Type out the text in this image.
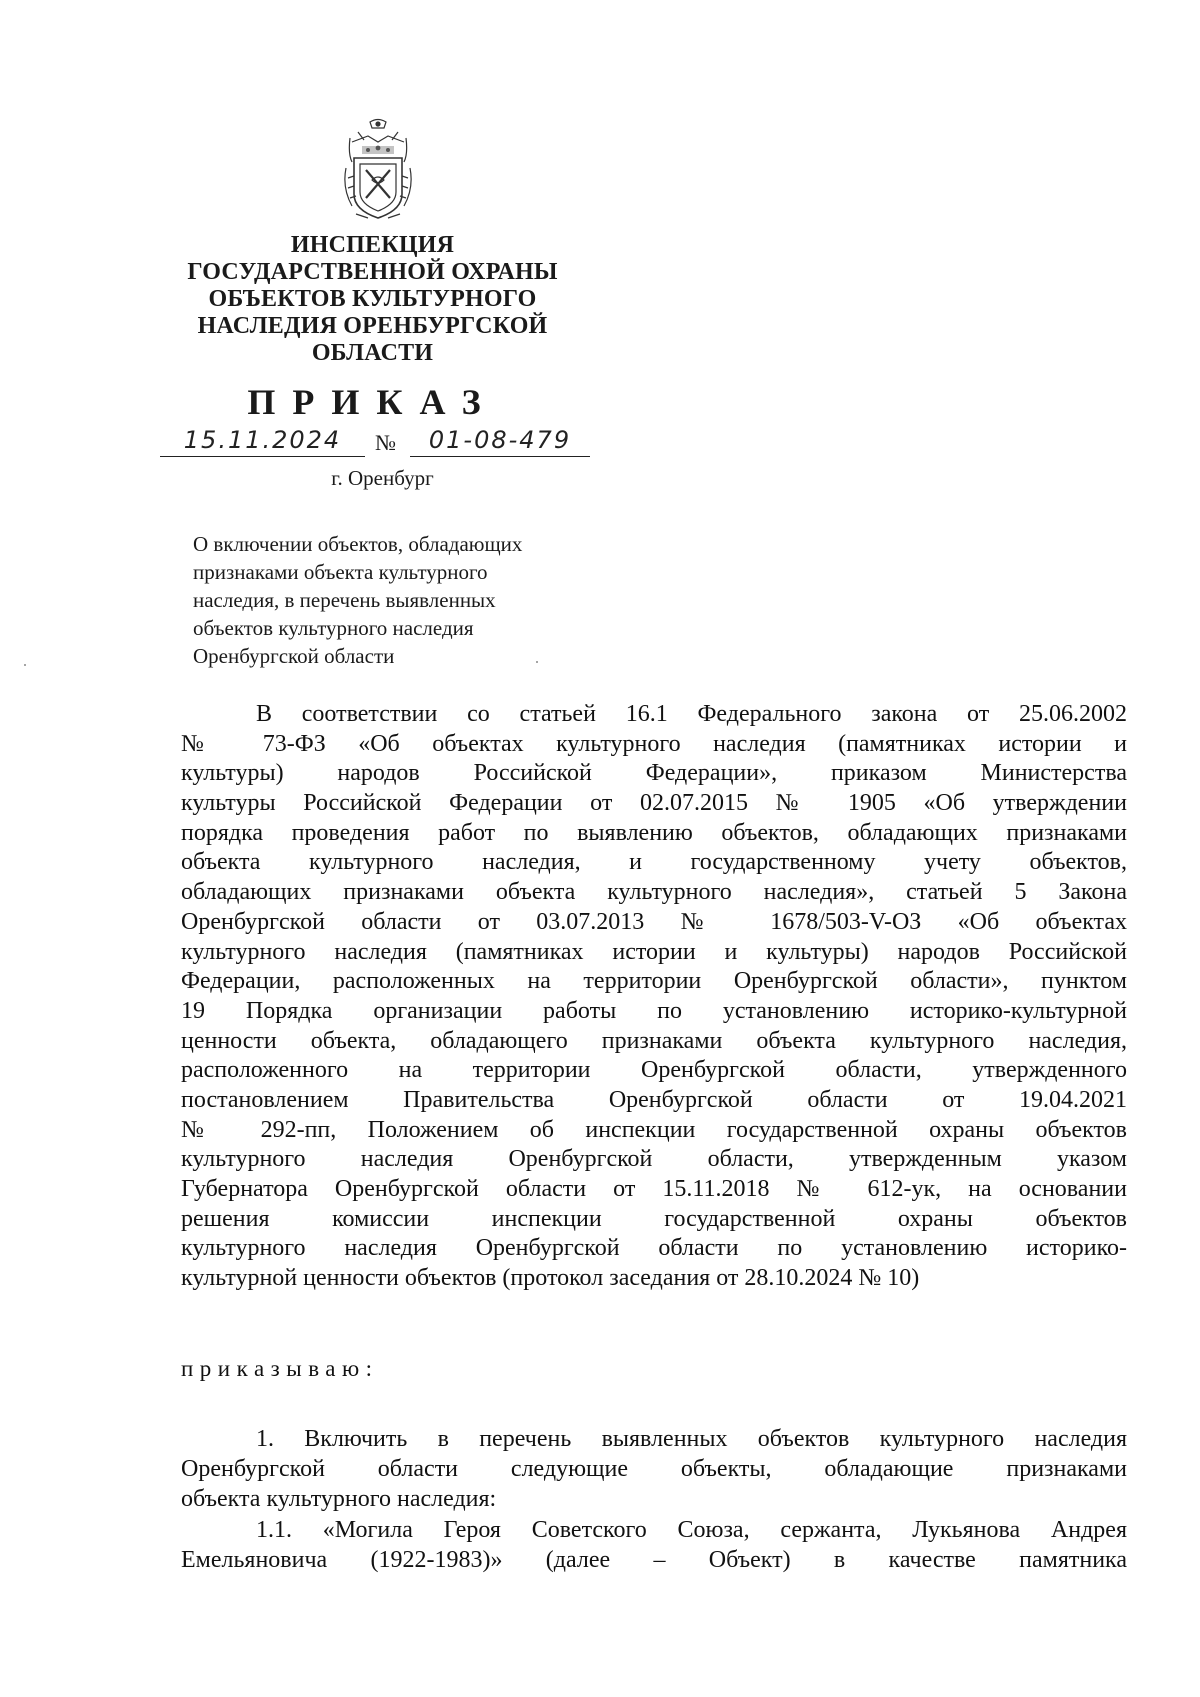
ИНСПЕКЦИЯ
ГОСУДАРСТВЕННОЙ ОХРАНЫ
ОБЪЕКТОВ КУЛЬТУРНОГО
НАСЛЕДИЯ ОРЕНБУРГСКОЙ
ОБЛАСТИ
ПРИКАЗ
15.11.2024	№	01-08-479
г. Оренбург
О включении объектов, обладающих
признаками объекта культурного
наследия, в перечень выявленных
объектов культурного наследия
Оренбургской области
В соответствии со статьей 16.1 Федерального закона от 25.06.2002
№ 73-ФЗ «Об объектах культурного наследия (памятниках истории и
культуры) народов Российской Федерации», приказом Министерства
культуры Российской Федерации от 02.07.2015 № 1905 «Об утверждении
порядка проведения работ по выявлению объектов, обладающих признаками
объекта культурного наследия, и государственному учету объектов,
обладающих признаками объекта культурного наследия», статьей 5 Закона
Оренбургской области от 03.07.2013 № 1678/503-V-ОЗ «Об объектах
культурного наследия (памятниках истории и культуры) народов Российской
Федерации, расположенных на территории Оренбургской области», пунктом
19 Порядка организации работы по установлению историко-культурной
ценности объекта, обладающего признаками объекта культурного наследия,
расположенного на территории Оренбургской области, утвержденного
постановлением Правительства Оренбургской области от 19.04.2021
№ 292-пп, Положением об инспекции государственной охраны объектов
культурного наследия Оренбургской области, утвержденным указом
Губернатора Оренбургской области от 15.11.2018 № 612-ук, на основании
решения комиссии инспекции государственной охраны объектов
культурного наследия Оренбургской области по установлению историко-
культурной ценности объектов (протокол заседания от 28.10.2024 № 10)
приказываю:
1. Включить в перечень выявленных объектов культурного наследия
Оренбургской области следующие объекты, обладающие признаками
объекта культурного наследия:
1.1. «Могила Героя Советского Союза, сержанта, Лукьянова Андрея
Емельяновича (1922-1983)» (далее – Объект) в качестве памятника
